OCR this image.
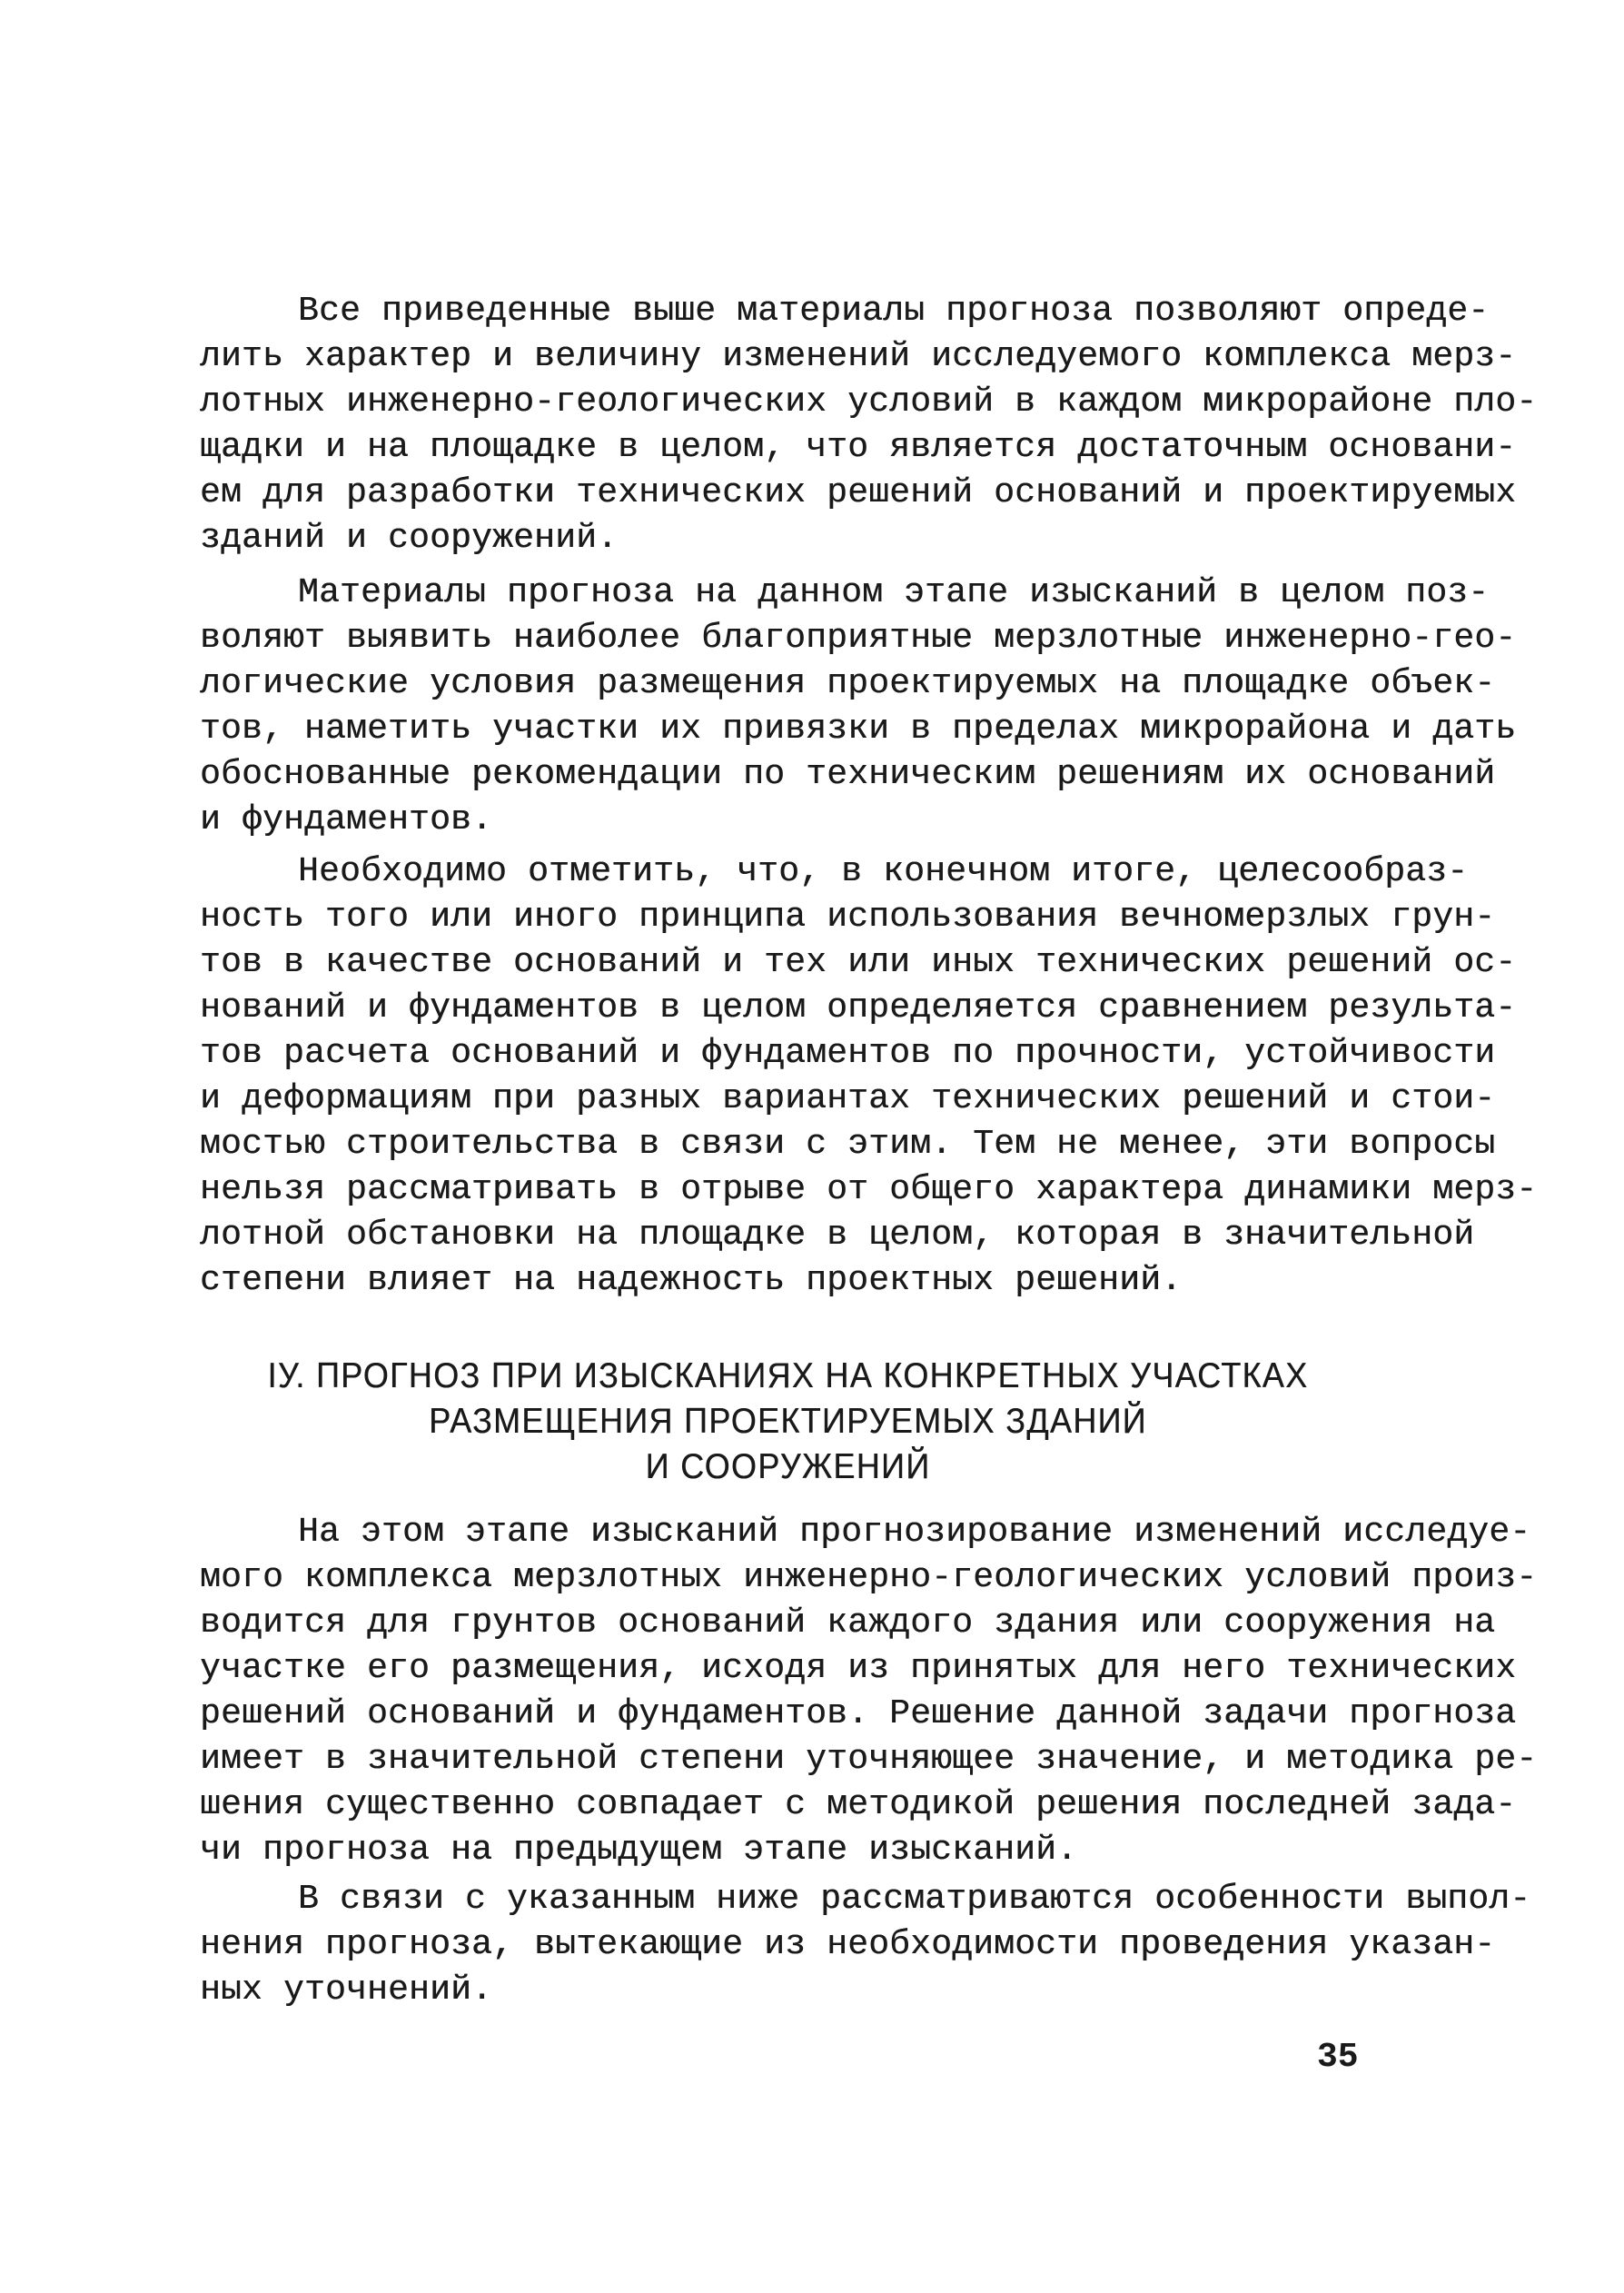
Все приведенные выше материалы прогноза позволяют опреде-
лить характер и величину изменений исследуемого комплекса мерз-
лотных инженерно-геологических условий в каждом микрорайоне пло-
щадки и на площадке в целом, что является достаточным основани-
ем для разработки технических решений оснований и проектируемых
зданий и сооружений.
Материалы прогноза на данном этапе изысканий в целом поз-
воляют выявить наиболее благоприятные мерзлотные инженерно-гео-
логические условия размещения проектируемых на площадке объек-
тов, наметить участки их привязки в пределах микрорайона и дать
обоснованные рекомендации по техническим решениям их оснований
и фундаментов.
Необходимо отметить, что, в конечном итоге, целесообраз-
ность того или иного принципа использования вечномерзлых грун-
тов в качестве оснований и тех или иных технических решений ос-
нований и фундаментов в целом определяется сравнением результа-
тов расчета оснований и фундаментов по прочности, устойчивости
и деформациям при разных вариантах технических решений и стои-
мостью строительства в связи с этим. Тем не менее, эти вопросы
нельзя рассматривать в отрыве от общего характера динамики мерз-
лотной обстановки на площадке в целом, которая в значительной
степени влияет на надежность проектных решений.
ІУ. ПРОГНОЗ ПРИ ИЗЫСКАНИЯХ НА КОНКРЕТНЫХ УЧАСТКАХ
РАЗМЕЩЕНИЯ ПРОЕКТИРУЕМЫХ ЗДАНИЙ
И СООРУЖЕНИЙ
На этом этапе изысканий прогнозирование изменений исследуе-
мого комплекса мерзлотных инженерно-геологических условий произ-
водится для грунтов оснований каждого здания или сооружения на
участке его размещения, исходя из принятых для него технических
решений оснований и фундаментов. Решение данной задачи прогноза
имеет в значительной степени уточняющее значение, и методика ре-
шения существенно совпадает с методикой решения последней зада-
чи прогноза на предыдущем этапе изысканий.
В связи с указанным ниже рассматриваются особенности выпол-
нения прогноза, вытекающие из необходимости проведения указан-
ных уточнений.
35
